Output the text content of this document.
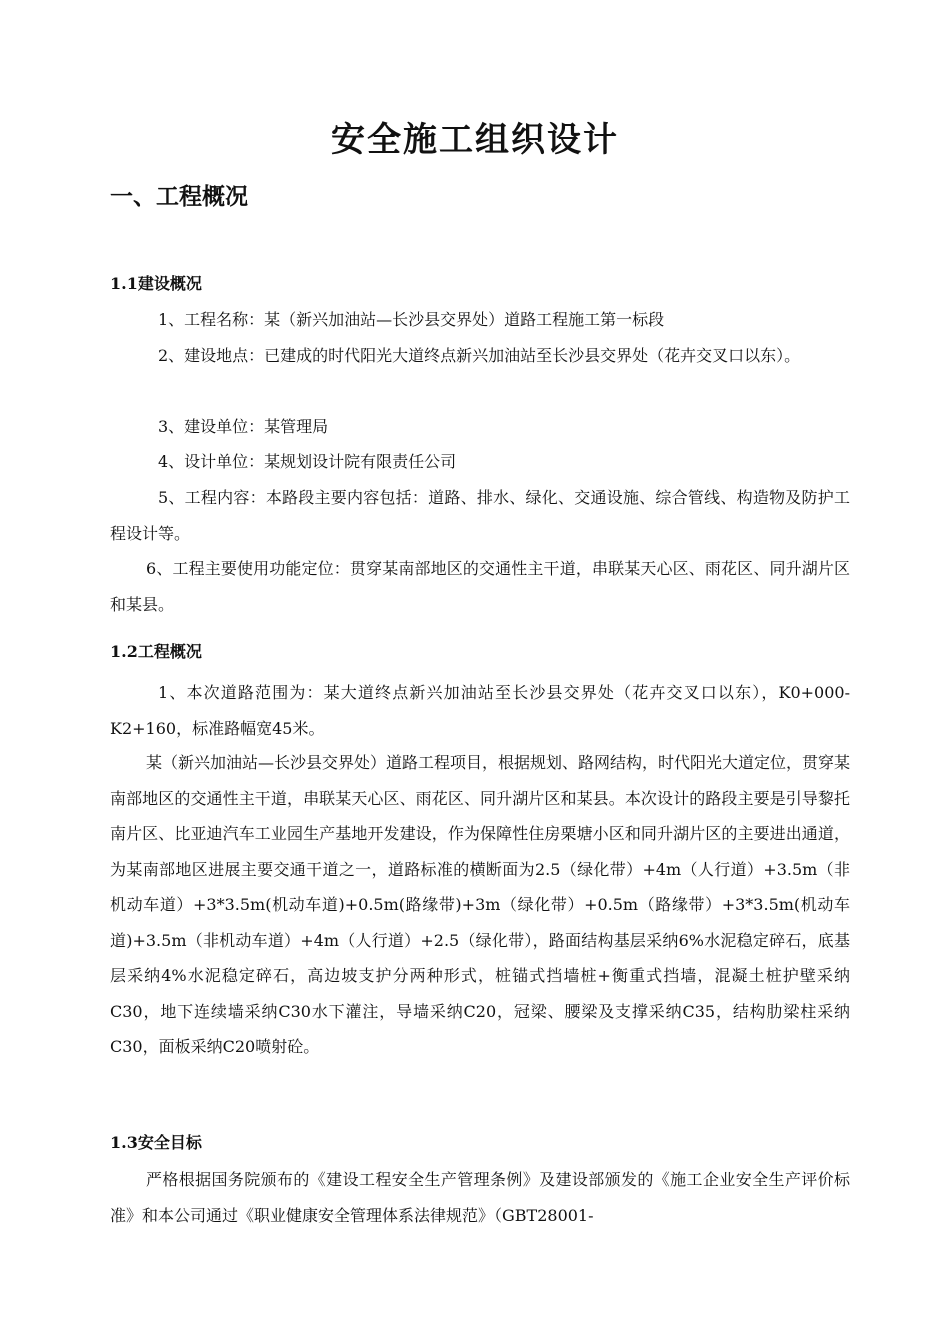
安全施工组织设计
一、工程概况
1.1建设概况
1、工程名称：某（新兴加油站—长沙县交界处）道路工程施工第一标段
2、建设地点：已建成的时代阳光大道终点新兴加油站至长沙县交界处（花卉交叉口以东）。
3、建设单位：某管理局
4、设计单位：某规划设计院有限责任公司
5、工程内容：本路段主要内容包括：道路、排水、绿化、交通设施、综合管线、构造物及防护工程设计等。
6、工程主要使用功能定位：贯穿某南部地区的交通性主干道，串联某天心区、雨花区、同升湖片区和某县。
1.2工程概况
1、本次道路范围为：某大道终点新兴加油站至长沙县交界处（花卉交叉口以东），K0+000-K2+160，标准路幅宽45米。
某（新兴加油站—长沙县交界处）道路工程项目，根据规划、路网结构，时代阳光大道定位，贯穿某南部地区的交通性主干道，串联某天心区、雨花区、同升湖片区和某县。本次设计的路段主要是引导黎托南片区、比亚迪汽车工业园生产基地开发建设，作为保障性住房栗塘小区和同升湖片区的主要进出通道，为某南部地区进展主要交通干道之一，道路标准的横断面为2.5（绿化带）+4m（人行道）+3.5m（非机动车道）+3*3.5m(机动车道)+0.5m(路缘带)+3m（绿化带）+0.5m（路缘带）+3*3.5m(机动车道)+3.5m（非机动车道）+4m（人行道）+2.5（绿化带），路面结构基层采纳6%水泥稳定碎石，底基层采纳4%水泥稳定碎石，高边坡支护分两种形式，桩锚式挡墙桩+衡重式挡墙，混凝土桩护壁采纳C30，地下连续墙采纳C30水下灌注，导墙采纳C20，冠梁、腰梁及支撑采纳C35，结构肋梁柱采纳C30，面板采纳C20喷射砼。
1.3安全目标
严格根据国务院颁布的《建设工程安全生产管理条例》及建设部颁发的《施工企业安全生产评价标准》和本公司通过《职业健康安全管理体系法律规范》（GBT28001-
